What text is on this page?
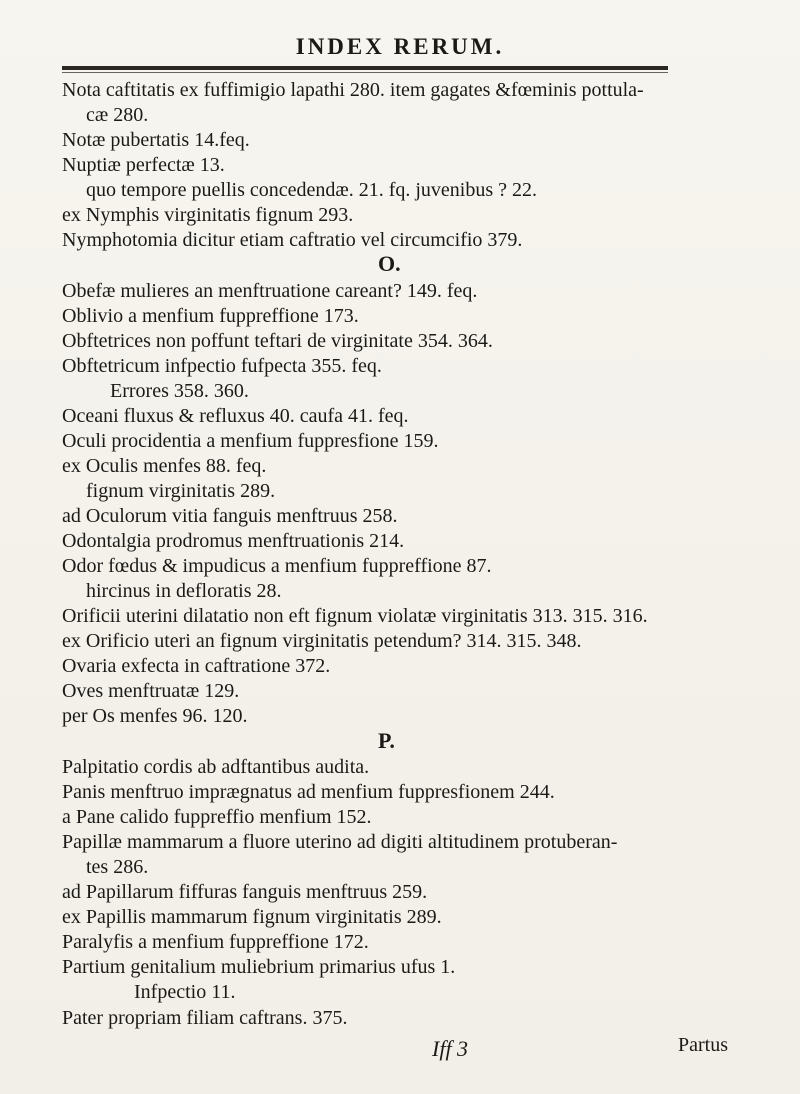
INDEX RERUM.
Nota caftitatis ex fuffimigio lapathi 280. item gagates &fœminis pottula-
cæ 280.
Notæ pubertatis 14.feq.
Nuptiæ perfectæ 13.
quo tempore puellis concedendæ. 21. fq. juvenibus ? 22.
ex Nymphis virginitatis fignum 293.
Nymphotomia dicitur etiam caftratio vel circumcifio 379.
O.
Obefæ mulieres an menftruatione careant? 149. feq.
Oblivio a menfium fuppreffione 173.
Obftetrices non poffunt teftari de virginitate 354. 364.
Obftetricum infpectio fufpecta 355. feq.
Errores 358. 360.
Oceani fluxus & refluxus 40. caufa 41. feq.
Oculi procidentia a menfium fuppresfione 159.
ex Oculis menfes 88. feq.
fignum virginitatis 289.
ad Oculorum vitia fanguis menftruus 258.
Odontalgia prodromus menftruationis 214.
Odor fœdus & impudicus a menfium fuppreffione 87.
hircinus in defloratis 28.
Orificii uterini dilatatio non eft fignum violatæ virginitatis 313. 315. 316.
ex Orificio uteri an fignum virginitatis petendum? 314. 315. 348.
Ovaria exfecta in caftratione 372.
Oves menftruatæ 129.
per Os menfes 96. 120.
P.
Palpitatio cordis ab adftantibus audita.
Panis menftruo imprægnatus ad menfium fuppresfionem 244.
a Pane calido fuppreffio menfium 152.
Papillæ mammarum a fluore uterino ad digiti altitudinem protuberan-
tes 286.
ad Papillarum fiffuras fanguis menftruus 259.
ex Papillis mammarum fignum virginitatis 289.
Paralyfis a menfium fuppreffione 172.
Partium genitalium muliebrium primarius ufus 1.
Infpectio 11.
Pater propriam filiam caftrans. 375.
Iff 3	Partus
